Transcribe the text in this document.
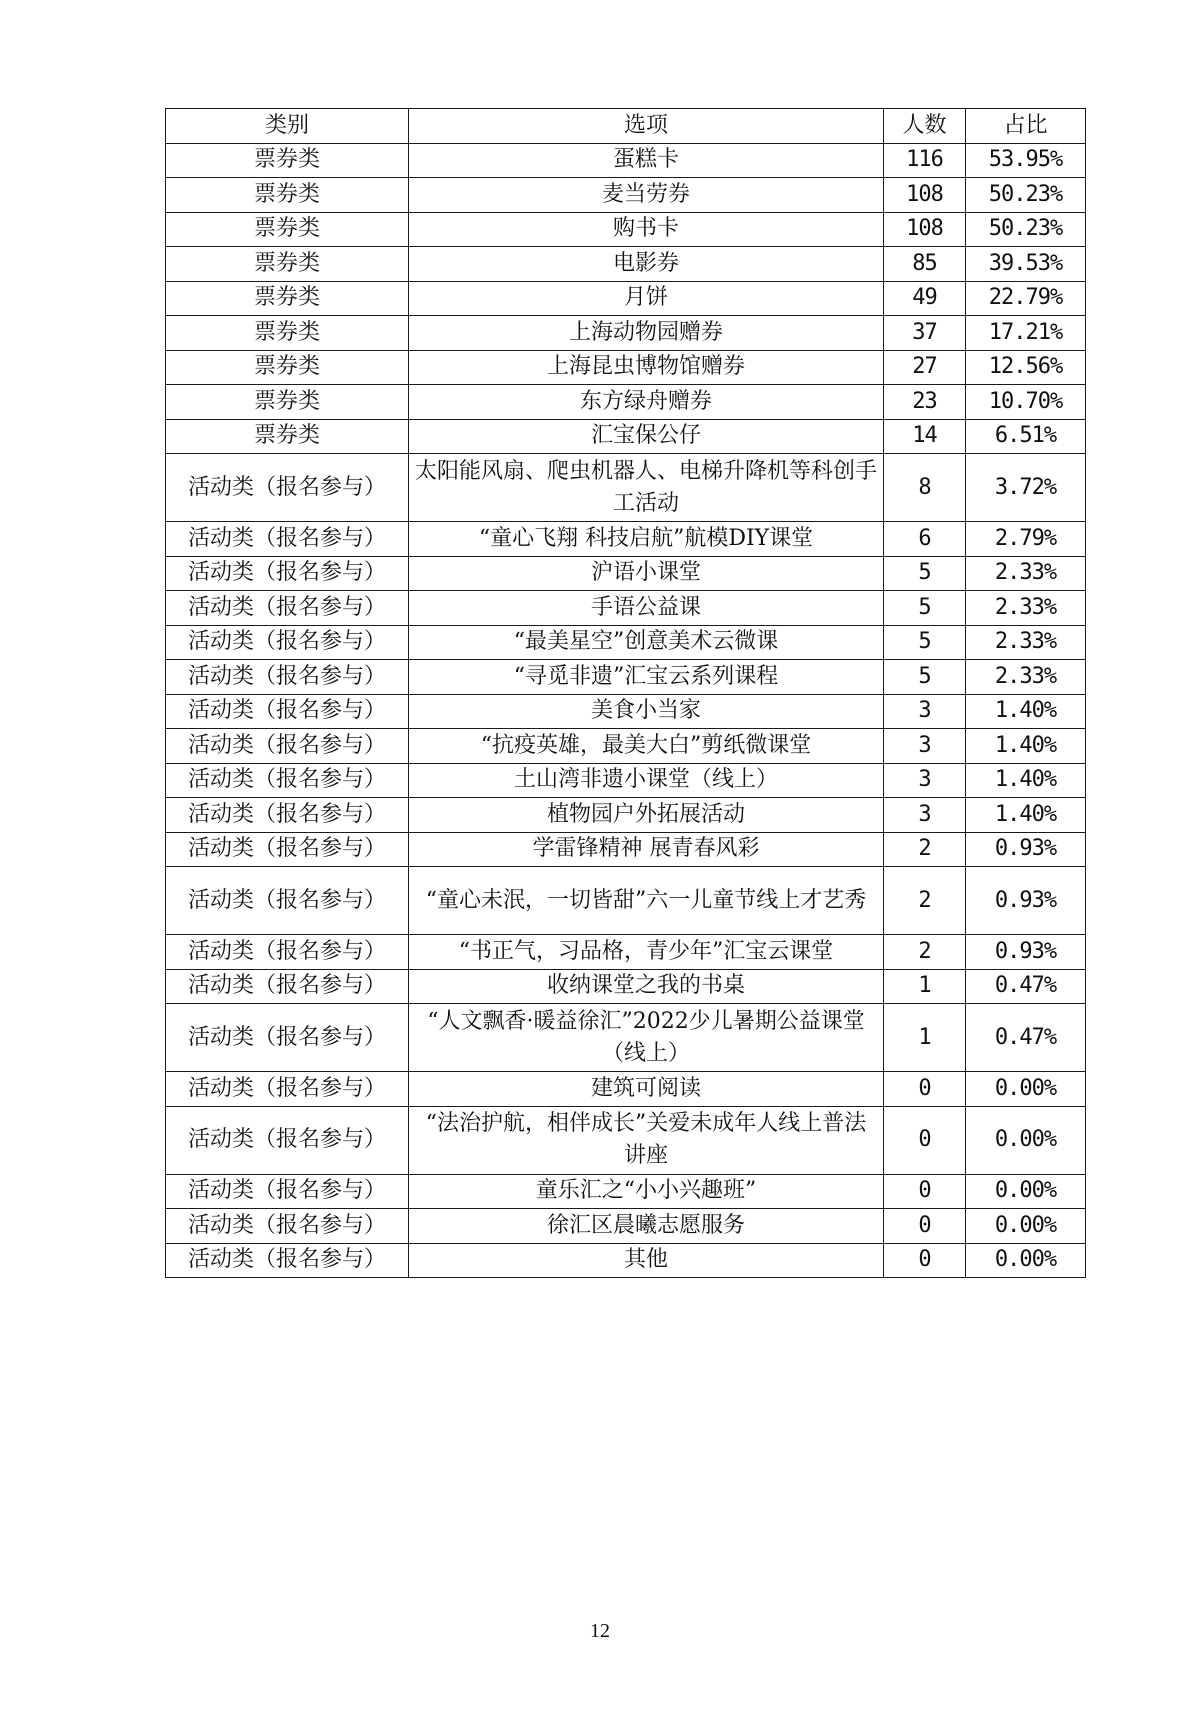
类别	选项	人数	占比
票券类	蛋糕卡	116	53.95%
票券类	麦当劳券	108	50.23%
票券类	购书卡	108	50.23%
票券类	电影券	85	39.53%
票券类	月饼	49	22.79%
票券类	上海动物园赠券	37	17.21%
票券类	上海昆虫博物馆赠券	27	12.56%
票券类	东方绿舟赠券	23	10.70%
票券类	汇宝保公仔	14	6.51%
活动类（报名参与）	太阳能风扇、爬虫机器人、电梯升降机等科创手工活动	8	3.72%
活动类（报名参与）	“童心飞翔 科技启航”航模DIY课堂	6	2.79%
活动类（报名参与）	沪语小课堂	5	2.33%
活动类（报名参与）	手语公益课	5	2.33%
活动类（报名参与）	“最美星空”创意美术云微课	5	2.33%
活动类（报名参与）	“寻觅非遗”汇宝云系列课程	5	2.33%
活动类（报名参与）	美食小当家	3	1.40%
活动类（报名参与）	“抗疫英雄，最美大白”剪纸微课堂	3	1.40%
活动类（报名参与）	土山湾非遗小课堂（线上）	3	1.40%
活动类（报名参与）	植物园户外拓展活动	3	1.40%
活动类（报名参与）	学雷锋精神 展青春风彩	2	0.93%
活动类（报名参与）	“童心未泯，一切皆甜”六一儿童节线上才艺秀	2	0.93%
活动类（报名参与）	“书正气，习品格，青少年”汇宝云课堂	2	0.93%
活动类（报名参与）	收纳课堂之我的书桌	1	0.47%
活动类（报名参与）	“人文飘香·暖益徐汇”2022少儿暑期公益课堂（线上）	1	0.47%
活动类（报名参与）	建筑可阅读	0	0.00%
活动类（报名参与）	“法治护航，相伴成长”关爱未成年人线上普法讲座	0	0.00%
活动类（报名参与）	童乐汇之“小小兴趣班”	0	0.00%
活动类（报名参与）	徐汇区晨曦志愿服务	0	0.00%
活动类（报名参与）	其他	0	0.00%
12
